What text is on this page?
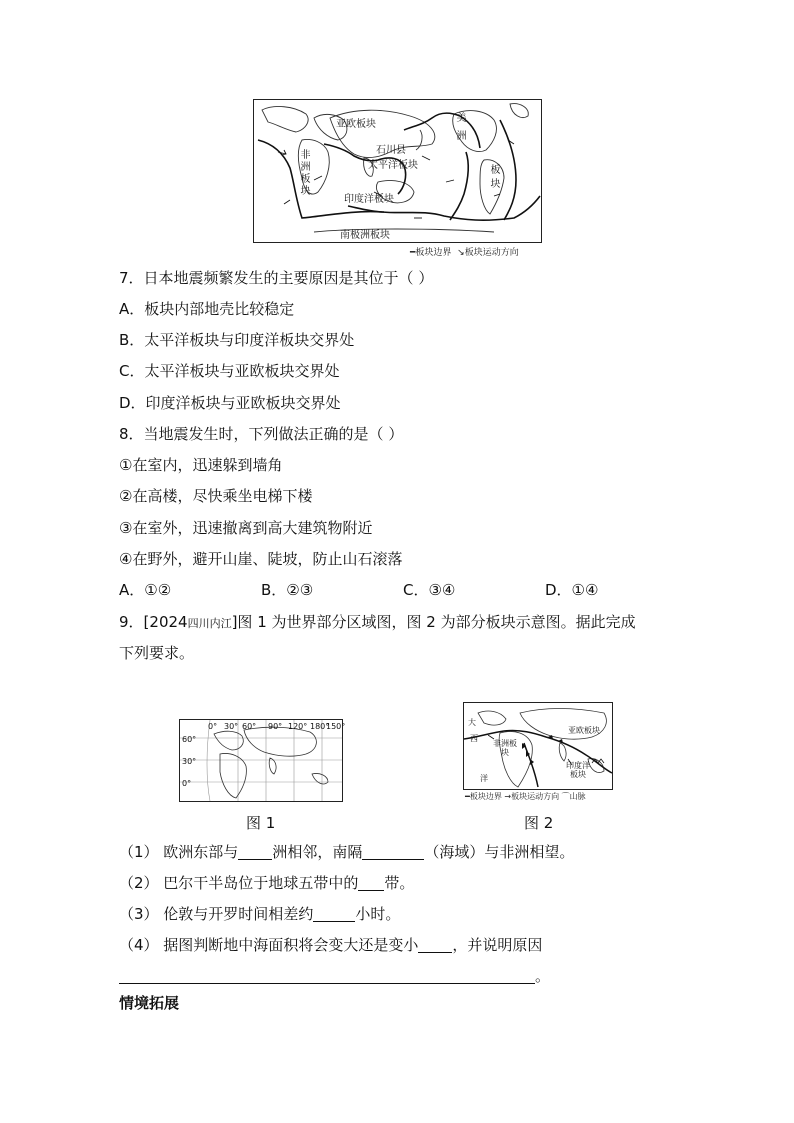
亚欧板块
石川县
太平洋板块
印度洋板块
南极洲板块
非
洲
板
块
美
洲
板
块
━板块边界 ↘板块运动方向
7．日本地震频繁发生的主要原因是其位于（ ）
A．板块内部地壳比较稳定
B．太平洋板块与印度洋板块交界处
C．太平洋板块与亚欧板块交界处
D．印度洋板块与亚欧板块交界处
8．当地震发生时，下列做法正确的是（ ）
①在室内，迅速躲到墙角
②在高楼，尽快乘坐电梯下楼
③在室外，迅速撤离到高大建筑物附近
④在野外，避开山崖、陡坡，防止山石滚落
A．①②	B．②③	C．③④	D．①④
9．[2024四川内江]图 1 为世界部分区域图，图 2 为部分板块示意图。据此完成
下列要求。
0° 30° 60° 90° 120° 180°
150°
60°
30°
0°
图 1
亚欧板块
非洲板块
印度洋板块
大
西
洋
━板块边界 →板块运动方向 ⌒山脉
图 2
（1） 欧洲东部与 洲相邻，南隔	（海域）与非洲相望。
（2） 巴尔干半岛位于地球五带中的 带。
（3） 伦敦与开罗时间相差约	小时。
（4） 据图判断地中海面积将会变大还是变小 ，并说明原因
。
情境拓展
